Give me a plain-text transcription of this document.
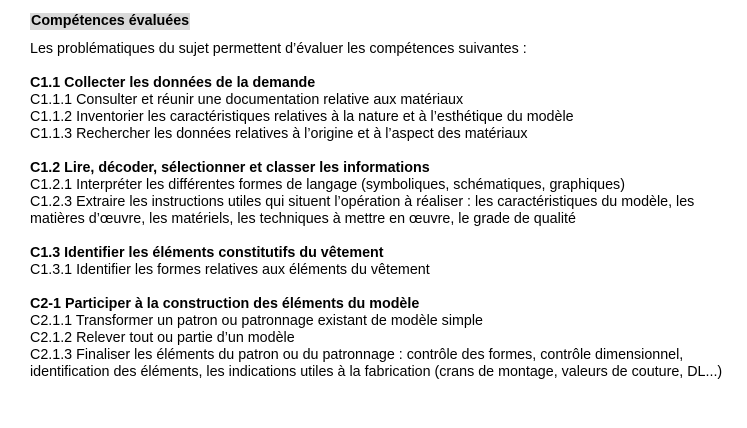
Compétences évaluées
Les problématiques du sujet permettent d’évaluer les compétences suivantes :
C1.1 Collecter les données de la demande
C1.1.1 Consulter et réunir une documentation relative aux matériaux
C1.1.2 Inventorier les caractéristiques relatives à la nature et à l’esthétique du modèle
C1.1.3 Rechercher les données relatives à l’origine et à l’aspect des matériaux
C1.2 Lire, décoder, sélectionner et classer les informations
C1.2.1 Interpréter les différentes formes de langage (symboliques, schématiques, graphiques)
C1.2.3 Extraire les instructions utiles qui situent l’opération à réaliser : les caractéristiques du modèle, les matières d’œuvre, les matériels, les techniques à mettre en œuvre, le grade de qualité
C1.3 Identifier les éléments constitutifs du vêtement
C1.3.1 Identifier les formes relatives aux éléments du vêtement
C2-1 Participer à la construction des éléments du modèle
C2.1.1 Transformer un patron ou patronnage existant de modèle simple
C2.1.2 Relever tout ou partie d’un modèle
C2.1.3 Finaliser les éléments du patron ou du patronnage : contrôle des formes, contrôle dimensionnel, identification des éléments, les indications utiles à la fabrication (crans de montage, valeurs de couture, DL...)
